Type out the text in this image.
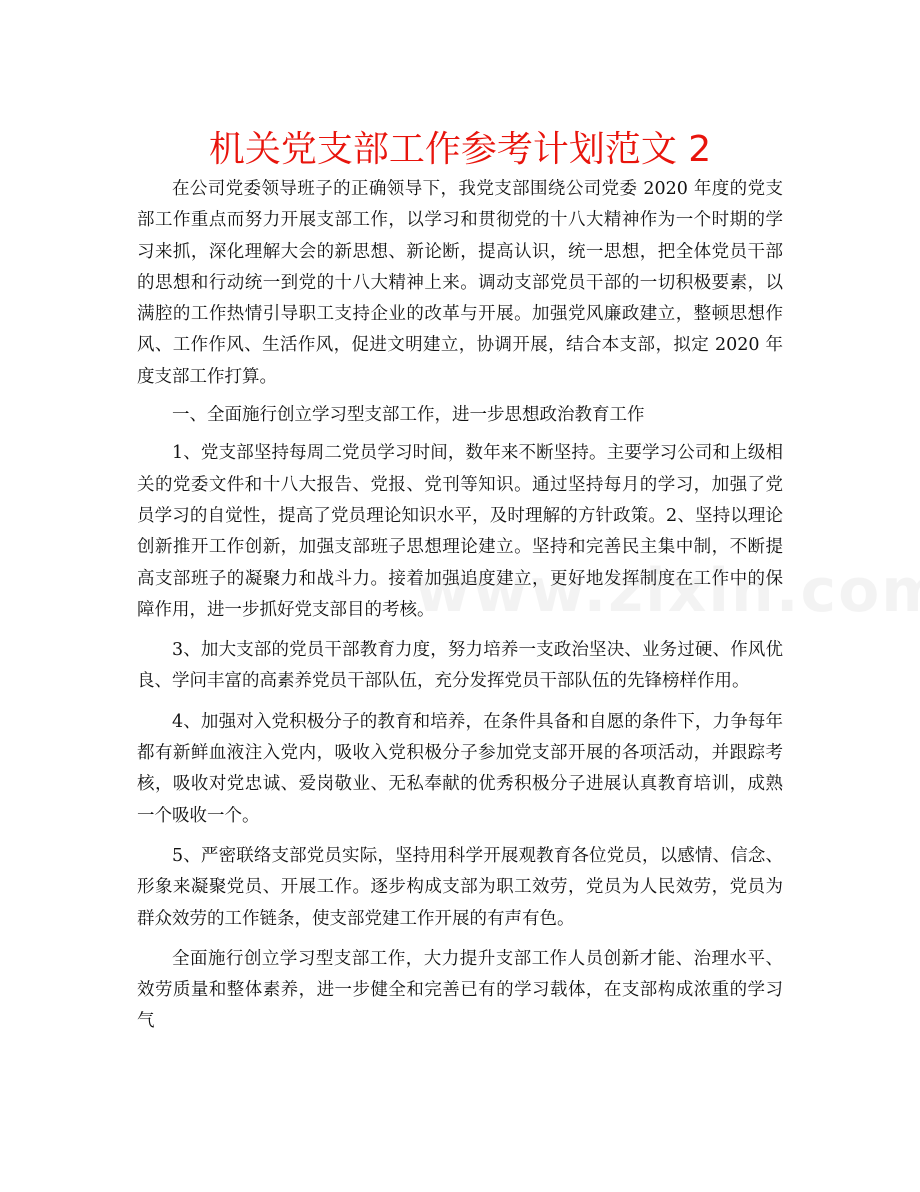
机关党支部工作参考计划范文 2

在公司党委领导班子的正确领导下，我党支部围绕公司党委 2020 年度的党支部工作重点而努力开展支部工作，以学习和贯彻党的十八大精神作为一个时期的学习来抓，深化理解大会的新思想、新论断，提高认识，统一思想，把全体党员干部的思想和行动统一到党的十八大精神上来。调动支部党员干部的一切积极要素，以满腔的工作热情引导职工支持企业的改革与开展。加强党风廉政建立，整顿思想作风、工作作风、生活作风，促进文明建立，协调开展，结合本支部，拟定 2020 年度支部工作打算。

一、全面施行创立学习型支部工作，进一步思想政治教育工作

1、党支部坚持每周二党员学习时间，数年来不断坚持。主要学习公司和上级相关的党委文件和十八大报告、党报、党刊等知识。通过坚持每月的学习，加强了党员学习的自觉性，提高了党员理论知识水平，及时理解的方针政策。2、坚持以理论创新推开工作创新，加强支部班子思想理论建立。坚持和完善民主集中制，不断提高支部班子的凝聚力和战斗力。接着加强追度建立，更好地发挥制度在工作中的保障作用，进一步抓好党支部目的考核。

3、加大支部的党员干部教育力度，努力培养一支政治坚决、业务过硬、作风优良、学问丰富的高素养党员干部队伍，充分发挥党员干部队伍的先锋榜样作用。

4、加强对入党积极分子的教育和培养，在条件具备和自愿的条件下，力争每年都有新鲜血液注入党内，吸收入党积极分子参加党支部开展的各项活动，并跟踪考核，吸收对党忠诚、爱岗敬业、无私奉献的优秀积极分子进展认真教育培训，成熟一个吸收一个。

5、严密联络支部党员实际，坚持用科学开展观教育各位党员，以感情、信念、形象来凝聚党员、开展工作。逐步构成支部为职工效劳，党员为人民效劳，党员为群众效劳的工作链条，使支部党建工作开展的有声有色。

全面施行创立学习型支部工作，大力提升支部工作人员创新才能、治理水平、效劳质量和整体素养，进一步健全和完善已有的学习载体，在支部构成浓重的学习气
